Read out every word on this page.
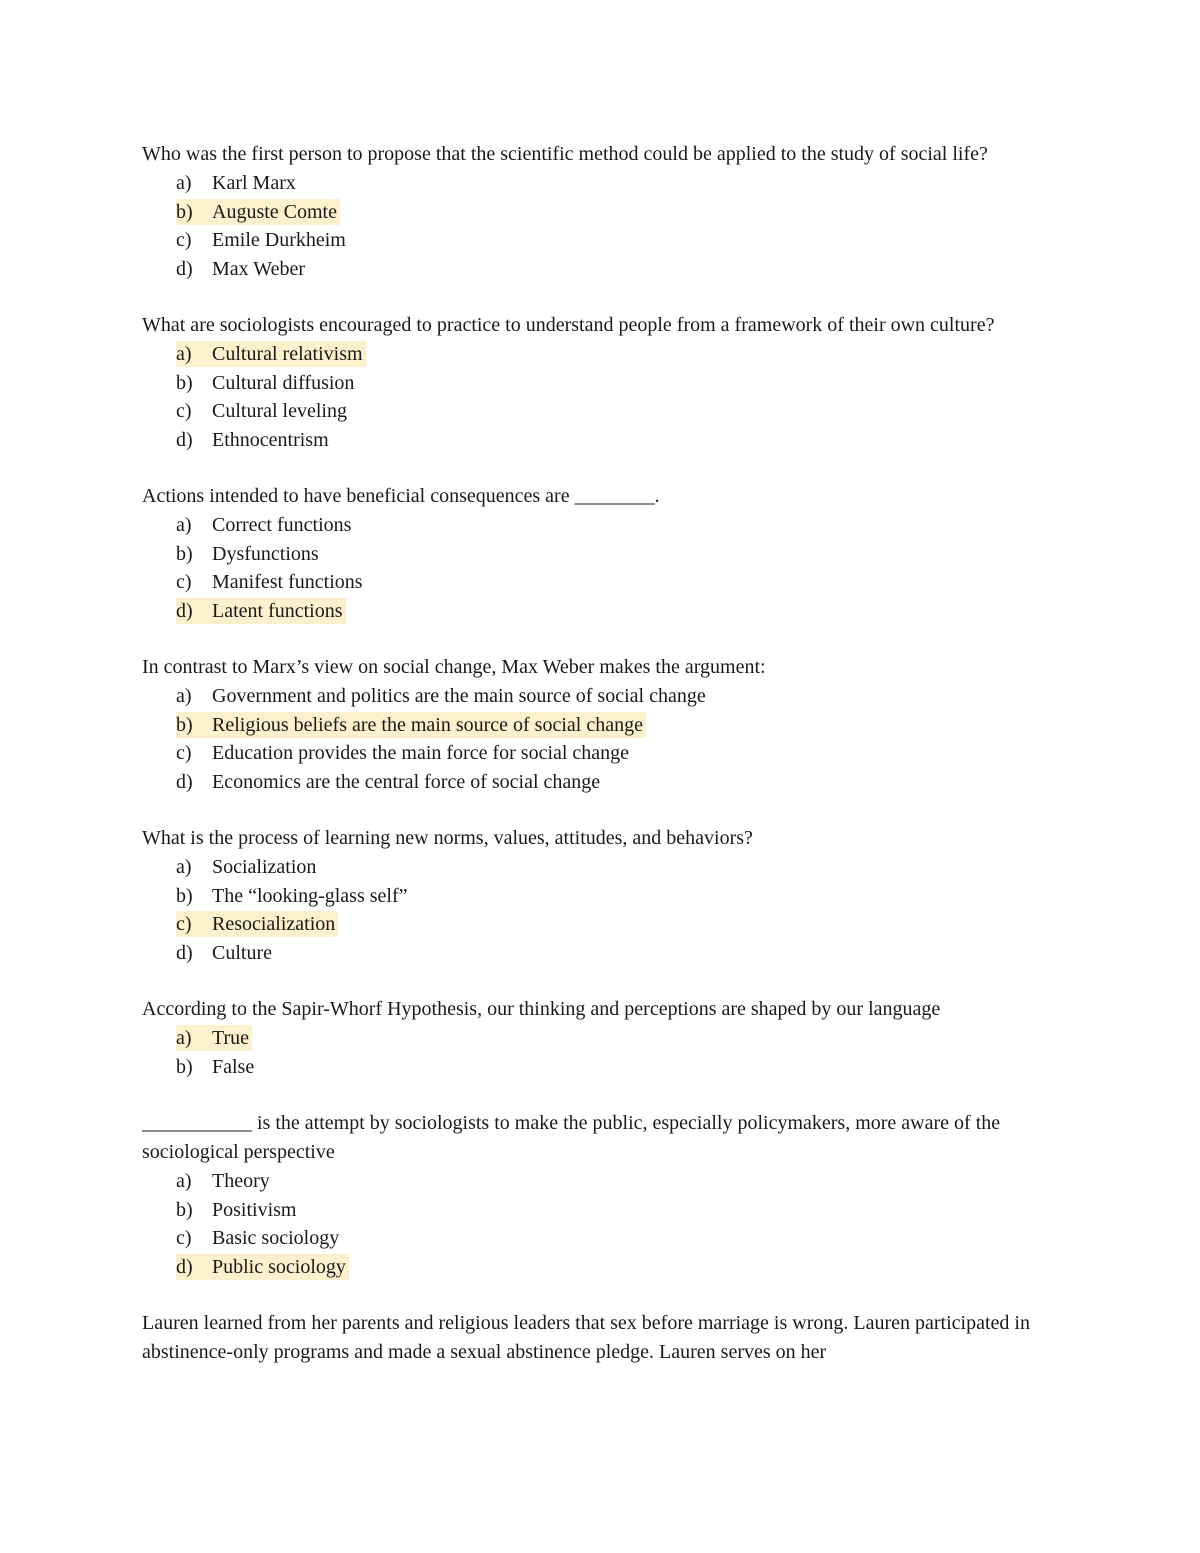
Who was the first person to propose that the scientific method could be applied to the study of social life?

a) Karl Marx
b) Auguste Comte
c) Emile Durkheim
d) Max Weber

What are sociologists encouraged to practice to understand people from a framework of their own culture?

a) Cultural relativism
b) Cultural diffusion
c) Cultural leveling
d) Ethnocentrism

Actions intended to have beneficial consequences are ________.

a) Correct functions
b) Dysfunctions
c) Manifest functions
d) Latent functions

In contrast to Marx’s view on social change, Max Weber makes the argument:

a) Government and politics are the main source of social change
b) Religious beliefs are the main source of social change
c) Education provides the main force for social change
d) Economics are the central force of social change

What is the process of learning new norms, values, attitudes, and behaviors?

a) Socialization
b) The “looking-glass self”
c) Resocialization
d) Culture

According to the Sapir-Whorf Hypothesis, our thinking and perceptions are shaped by our language

a) True
b) False

___________ is the attempt by sociologists to make the public, especially policymakers, more aware of the sociological perspective

a) Theory
b) Positivism
c) Basic sociology
d) Public sociology

Lauren learned from her parents and religious leaders that sex before marriage is wrong. Lauren participated in abstinence-only programs and made a sexual abstinence pledge. Lauren serves on her
